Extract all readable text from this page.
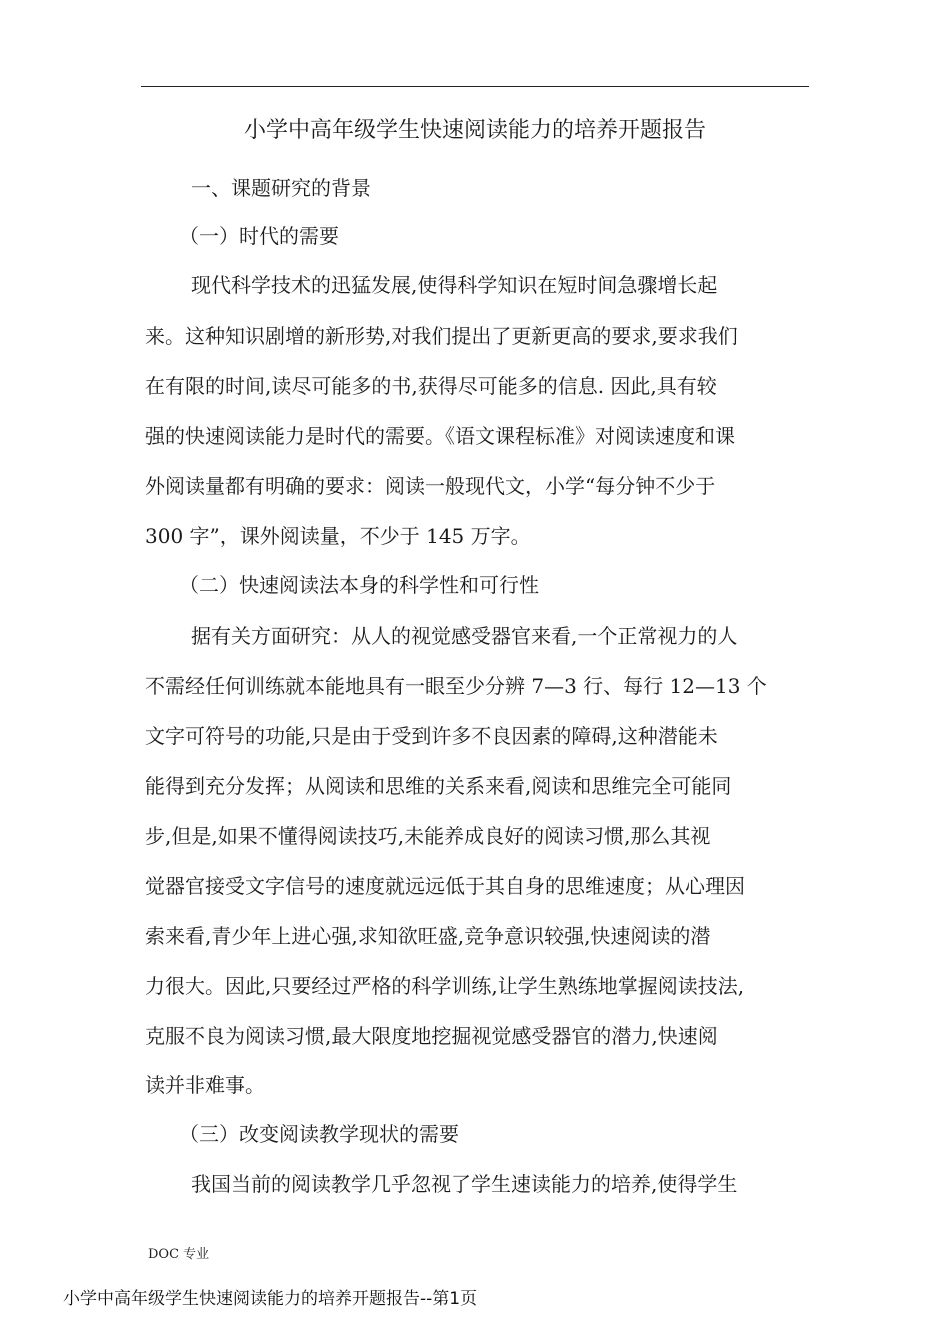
小学中高年级学生快速阅读能力的培养开题报告
一、课题研究的背景
（一）时代的需要
现代科学技术的迅猛发展,使得科学知识在短时间急骤增长起
来。这种知识剧增的新形势,对我们提出了更新更高的要求,要求我们
在有限的时间,读尽可能多的书,获得尽可能多的信息. 因此,具有较
强的快速阅读能力是时代的需要。《语文课程标准》对阅读速度和课
外阅读量都有明确的要求：阅读一般现代文，小学“每分钟不少于
300 字”，课外阅读量，不少于 145 万字。
（二）快速阅读法本身的科学性和可行性
据有关方面研究：从人的视觉感受器官来看,一个正常视力的人
不需经任何训练就本能地具有一眼至少分辨 7—3 行、每行 12—13 个
文字可符号的功能,只是由于受到许多不良因素的障碍,这种潜能未
能得到充分发挥；从阅读和思维的关系来看,阅读和思维完全可能同
步,但是,如果不懂得阅读技巧,未能养成良好的阅读习惯,那么其视
觉器官接受文字信号的速度就远远低于其自身的思维速度；从心理因
索来看,青少年上进心强,求知欲旺盛,竞争意识较强,快速阅读的潜
力很大。因此,只要经过严格的科学训练,让学生熟练地掌握阅读技法,
克服不良为阅读习惯,最大限度地挖掘视觉感受器官的潜力,快速阅
读并非难事。
（三）改变阅读教学现状的需要
我国当前的阅读教学几乎忽视了学生速读能力的培养,使得学生
DOC 专业
小学中高年级学生快速阅读能力的培养开题报告--第1页
